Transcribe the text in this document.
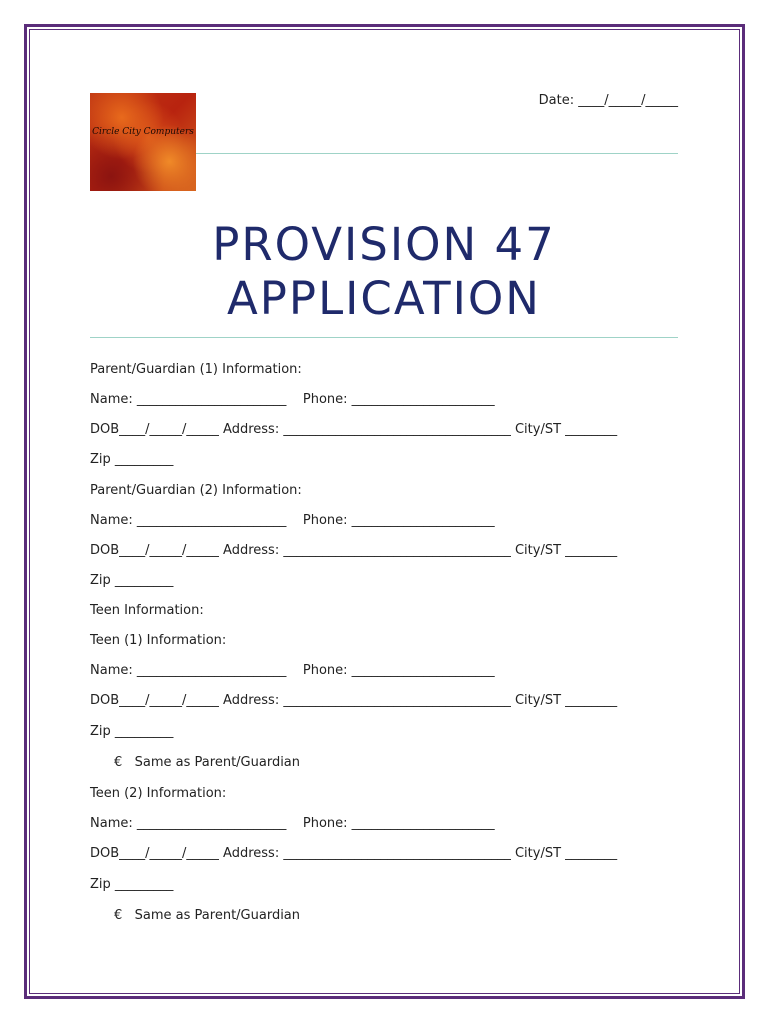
Circle City Computers
Date: ____/_____/_____
PROVISION 47
APPLICATION
Parent/Guardian (1) Information:
Name: _______________________    Phone: ______________________
DOB____/_____/_____ Address: ___________________________________ City/ST ________
Zip _________
Parent/Guardian (2) Information:
Name: _______________________    Phone: ______________________
DOB____/_____/_____ Address: ___________________________________ City/ST ________
Zip _________
Teen Information:
Teen (1) Information:
Name: _______________________    Phone: ______________________
DOB____/_____/_____ Address: ___________________________________ City/ST ________
Zip _________
€   Same as Parent/Guardian
Teen (2) Information:
Name: _______________________    Phone: ______________________
DOB____/_____/_____ Address: ___________________________________ City/ST ________
Zip _________
€   Same as Parent/Guardian
